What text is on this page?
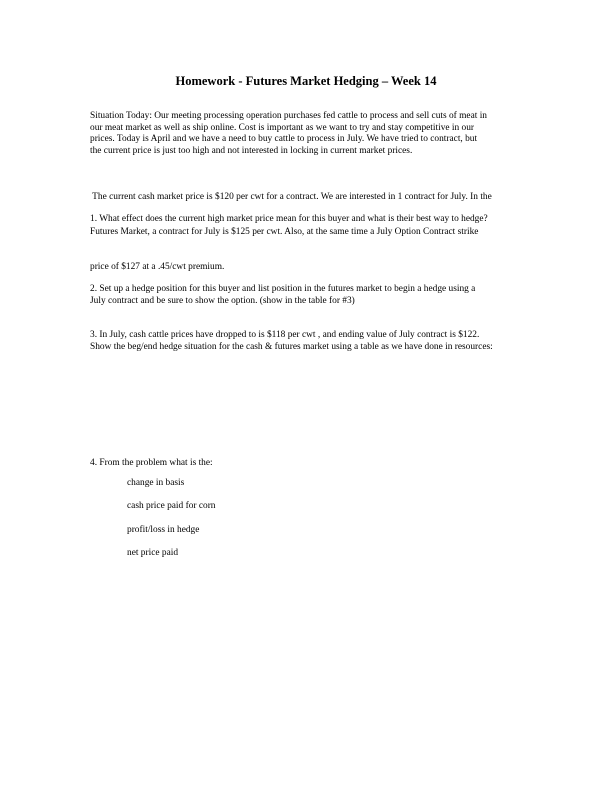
Homework - Futures Market Hedging – Week 14

Situation Today: Our meeting processing operation purchases fed cattle to process and sell cuts of meat in
our meat market as well as ship online. Cost is important as we want to try and stay competitive in our
prices. Today is April and we have a need to buy cattle to process in July. We have tried to contract, but
the current price is just too high and not interested in locking in current market prices.

The current cash market price is $120 per cwt for a contract. We are interested in 1 contract for July. In the

Futures Market, a contract for July is $125 per cwt. Also, at the same time a July Option Contract strike

price of $127 at a .45/cwt premium.

1. What effect does the current high market price mean for this buyer and what is their best way to hedge?

2. Set up a hedge position for this buyer and list position in the futures market to begin a hedge using a
July contract and be sure to show the option. (show in the table for #3)

3. In July, cash cattle prices have dropped to is $118 per cwt , and ending value of July contract is $122.
Show the beg/end hedge situation for the cash & futures market using a table as we have done in resources:

4. From the problem what is the:

change in basis
cash price paid for corn
profit/loss in hedge
net price paid
